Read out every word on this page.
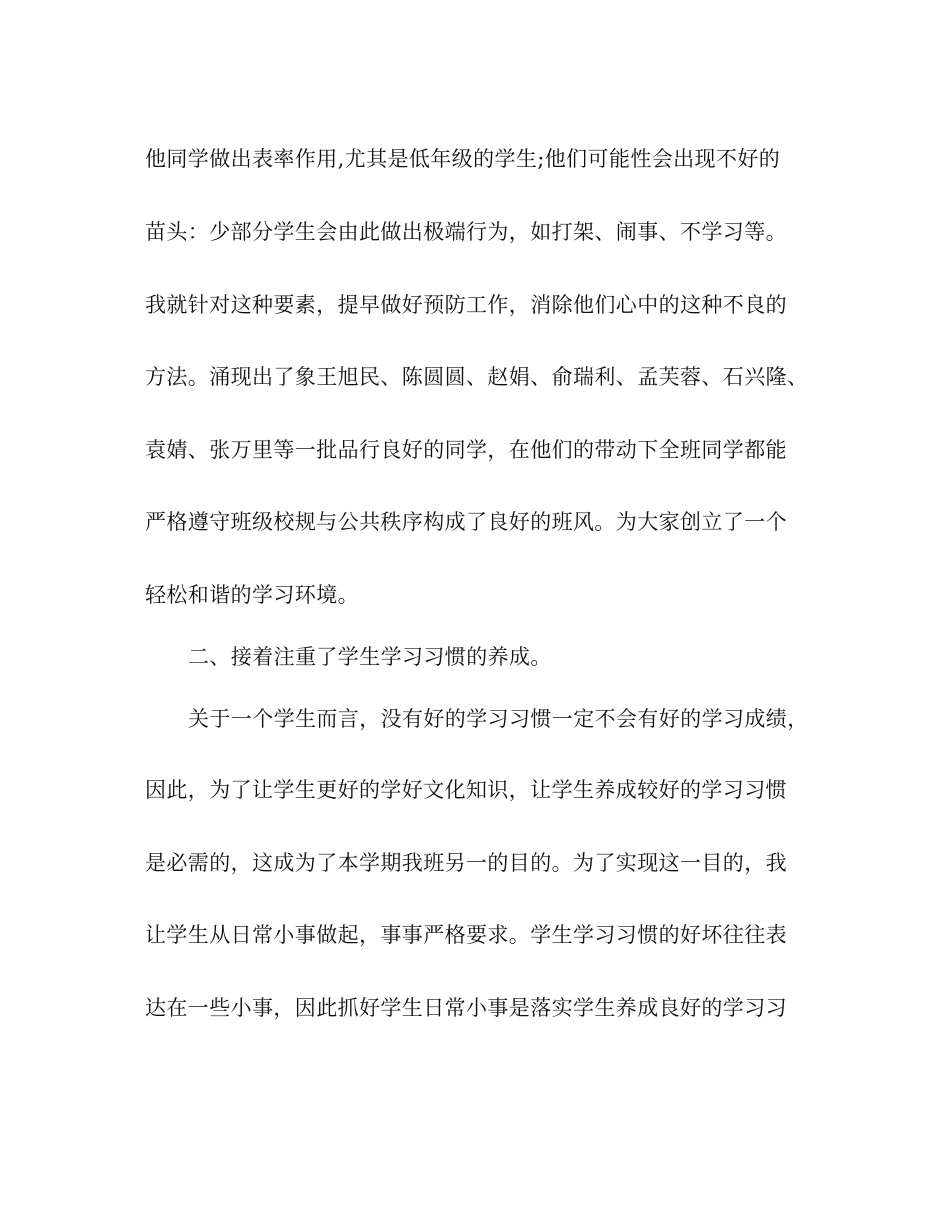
他同学做出表率作用,尤其是低年级的学生;他们可能性会出现不好的
苗头：少部分学生会由此做出极端行为，如打架、闹事、不学习等。
我就针对这种要素，提早做好预防工作，消除他们心中的这种不良的
方法。涌现出了象王旭民、陈圆圆、赵娟、俞瑞利、孟芙蓉、石兴隆、
袁婧、张万里等一批品行良好的同学，在他们的带动下全班同学都能
严格遵守班级校规与公共秩序构成了良好的班风。为大家创立了一个
轻松和谐的学习环境。
二、接着注重了学生学习习惯的养成。
关于一个学生而言，没有好的学习习惯一定不会有好的学习成绩，
因此，为了让学生更好的学好文化知识，让学生养成较好的学习习惯
是必需的，这成为了本学期我班另一的目的。为了实现这一目的，我
让学生从日常小事做起，事事严格要求。学生学习习惯的好坏往往表
达在一些小事，因此抓好学生日常小事是落实学生养成良好的学习习
